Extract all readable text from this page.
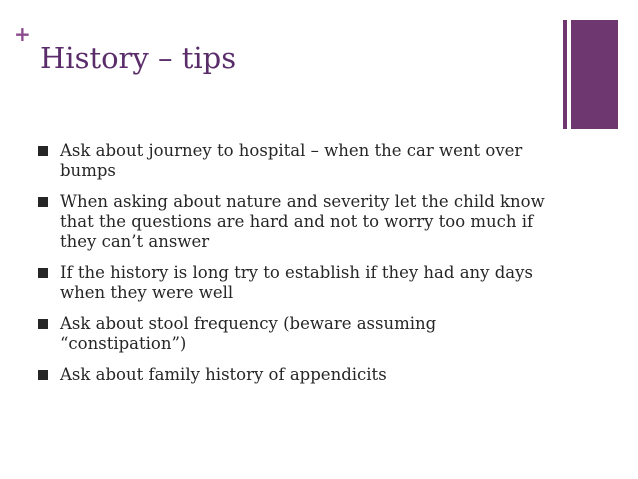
+
History – tips
Ask about journey to hospital – when the car went over bumps
When asking about nature and severity let the child know that the questions are hard and not to worry too much if they can’t answer
If the history is long try to establish if they had any days when they were well
Ask about stool frequency (beware assuming “constipation”)
Ask about family history of appendicits
